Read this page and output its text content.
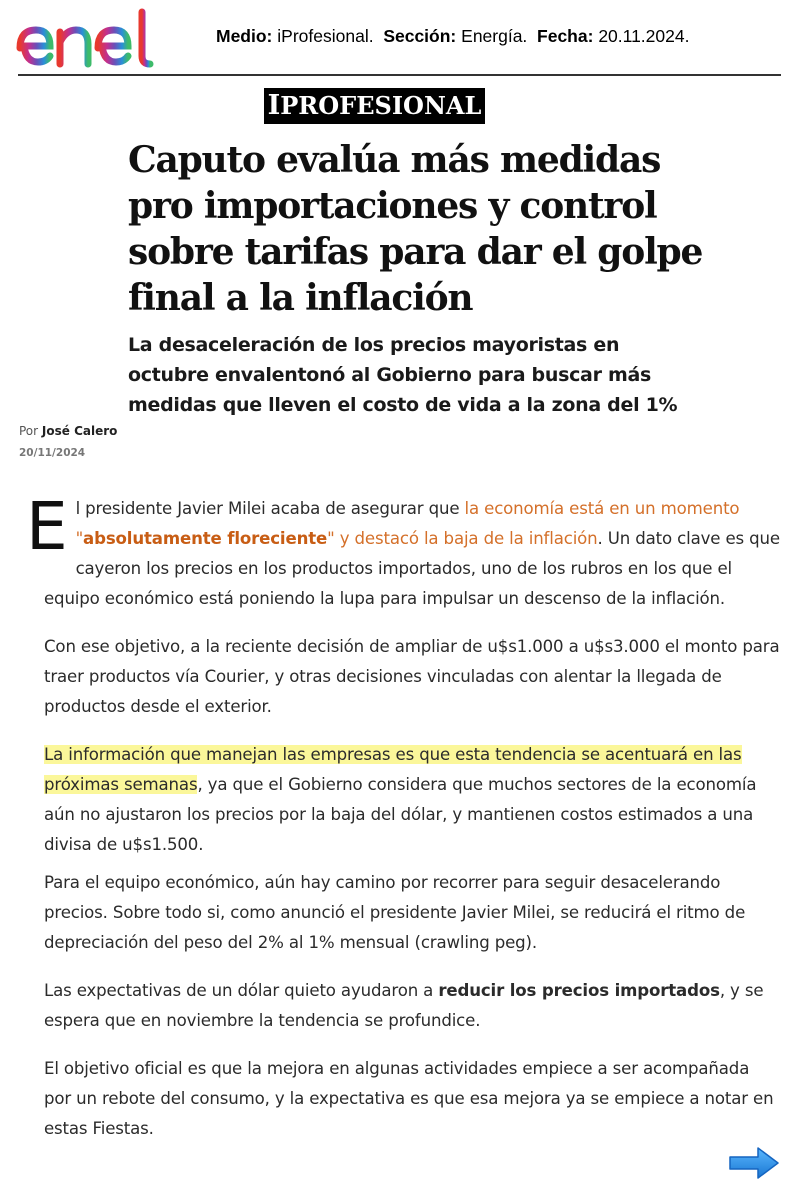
Medio: iProfesional. Sección: Energía. Fecha: 20.11.2024.
IPROFESIONAL
Caputo evalúa más medidas pro importaciones y control sobre tarifas para dar el golpe final a la inflación
La desaceleración de los precios mayoristas en octubre envalentonó al Gobierno para buscar más medidas que lleven el costo de vida a la zona del 1%
Por José Calero
20/11/2024

El presidente Javier Milei acaba de asegurar que la economía está en un momento "absolutamente floreciente" y destacó la baja de la inflación. Un dato clave es que cayeron los precios en los productos importados, uno de los rubros en los que el equipo económico está poniendo la lupa para impulsar un descenso de la inflación.

Con ese objetivo, a la reciente decisión de ampliar de u$s1.000 a u$s3.000 el monto para traer productos vía Courier, y otras decisiones vinculadas con alentar la llegada de productos desde el exterior.

La información que manejan las empresas es que esta tendencia se acentuará en las próximas semanas, ya que el Gobierno considera que muchos sectores de la economía aún no ajustaron los precios por la baja del dólar, y mantienen costos estimados a una divisa de u$s1.500.

Para el equipo económico, aún hay camino por recorrer para seguir desacelerando precios. Sobre todo si, como anunció el presidente Javier Milei, se reducirá el ritmo de depreciación del peso del 2% al 1% mensual (crawling peg).

Las expectativas de un dólar quieto ayudaron a reducir los precios importados, y se espera que en noviembre la tendencia se profundice.

El objetivo oficial es que la mejora en algunas actividades empiece a ser acompañada por un rebote del consumo, y la expectativa es que esa mejora ya se empiece a notar en estas Fiestas.
